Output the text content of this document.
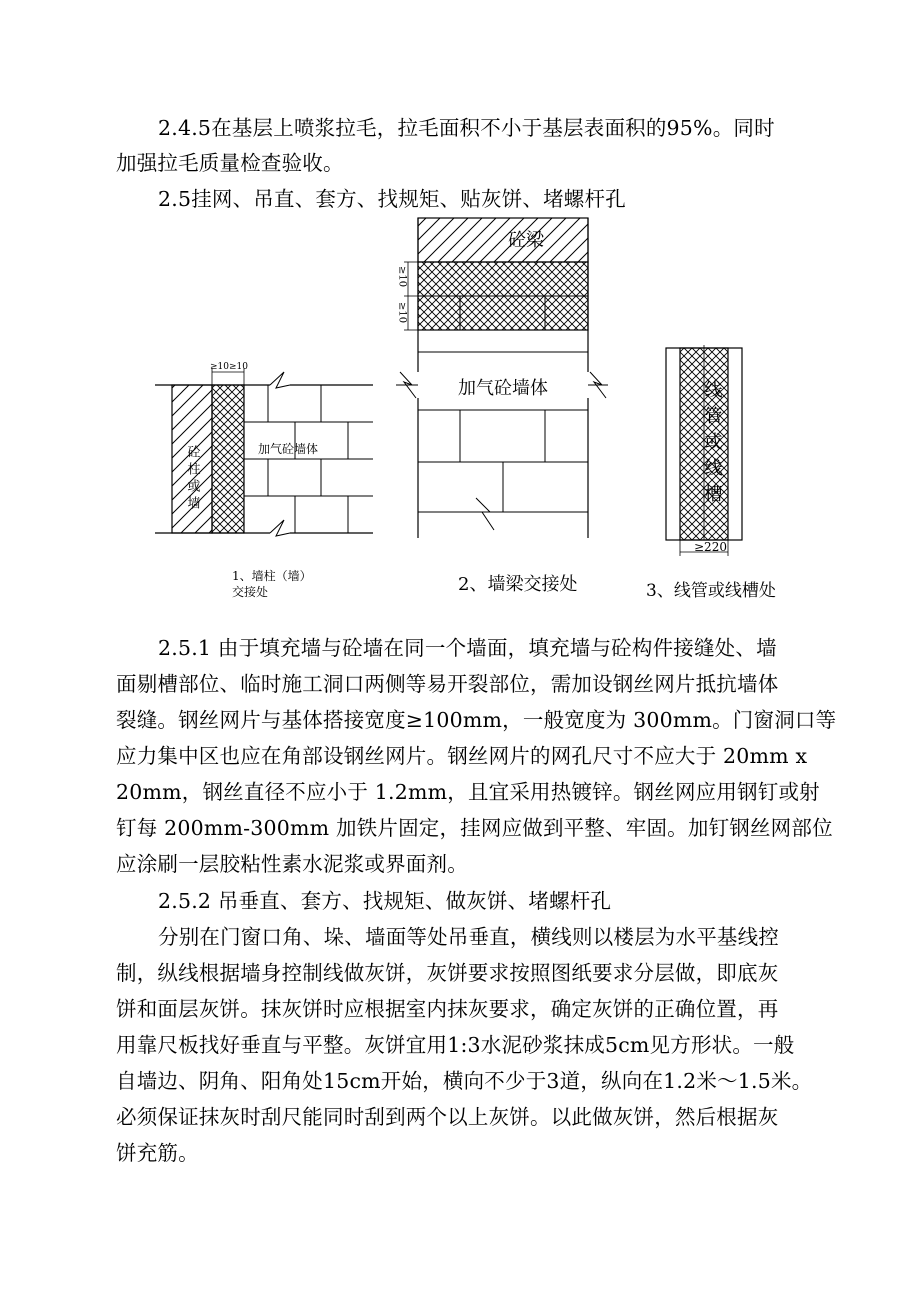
2.4.5在基层上喷浆拉毛，拉毛面积不小于基层表面积的95%。同时
加强拉毛质量检查验收。
2.5挂网、吊直、套方、找规矩、贴灰饼、堵螺杆孔
≥10≥10
加气砼墙体
砼柱或墙
1、墙柱（墙）
交接处
≥10
≥10
砼梁
加气砼墙体
2、墙梁交接处
线管或线槽
≥220
3、线管或线槽处
2.5.1 由于填充墙与砼墙在同一个墙面，填充墙与砼构件接缝处、墙
面剔槽部位、临时施工洞口两侧等易开裂部位，需加设钢丝网片抵抗墙体
裂缝。钢丝网片与基体搭接宽度≥100mm，一般宽度为 300mm。门窗洞口等
应力集中区也应在角部设钢丝网片。钢丝网片的网孔尺寸不应大于 20mm x
20mm，钢丝直径不应小于 1.2mm，且宜采用热镀锌。钢丝网应用钢钉或射
钉每 200mm-300mm 加铁片固定，挂网应做到平整、牢固。加钉钢丝网部位
应涂刷一层胶粘性素水泥浆或界面剂。
2.5.2 吊垂直、套方、找规矩、做灰饼、堵螺杆孔
分别在门窗口角、垛、墙面等处吊垂直，横线则以楼层为水平基线控
制，纵线根据墙身控制线做灰饼，灰饼要求按照图纸要求分层做，即底灰
饼和面层灰饼。抹灰饼时应根据室内抹灰要求，确定灰饼的正确位置，再
用靠尺板找好垂直与平整。灰饼宜用1:3水泥砂浆抹成5cm见方形状。一般
自墙边、阴角、阳角处15cm开始，横向不少于3道，纵向在1.2米～1.5米。
必须保证抹灰时刮尺能同时刮到两个以上灰饼。以此做灰饼，然后根据灰
饼充筋。
